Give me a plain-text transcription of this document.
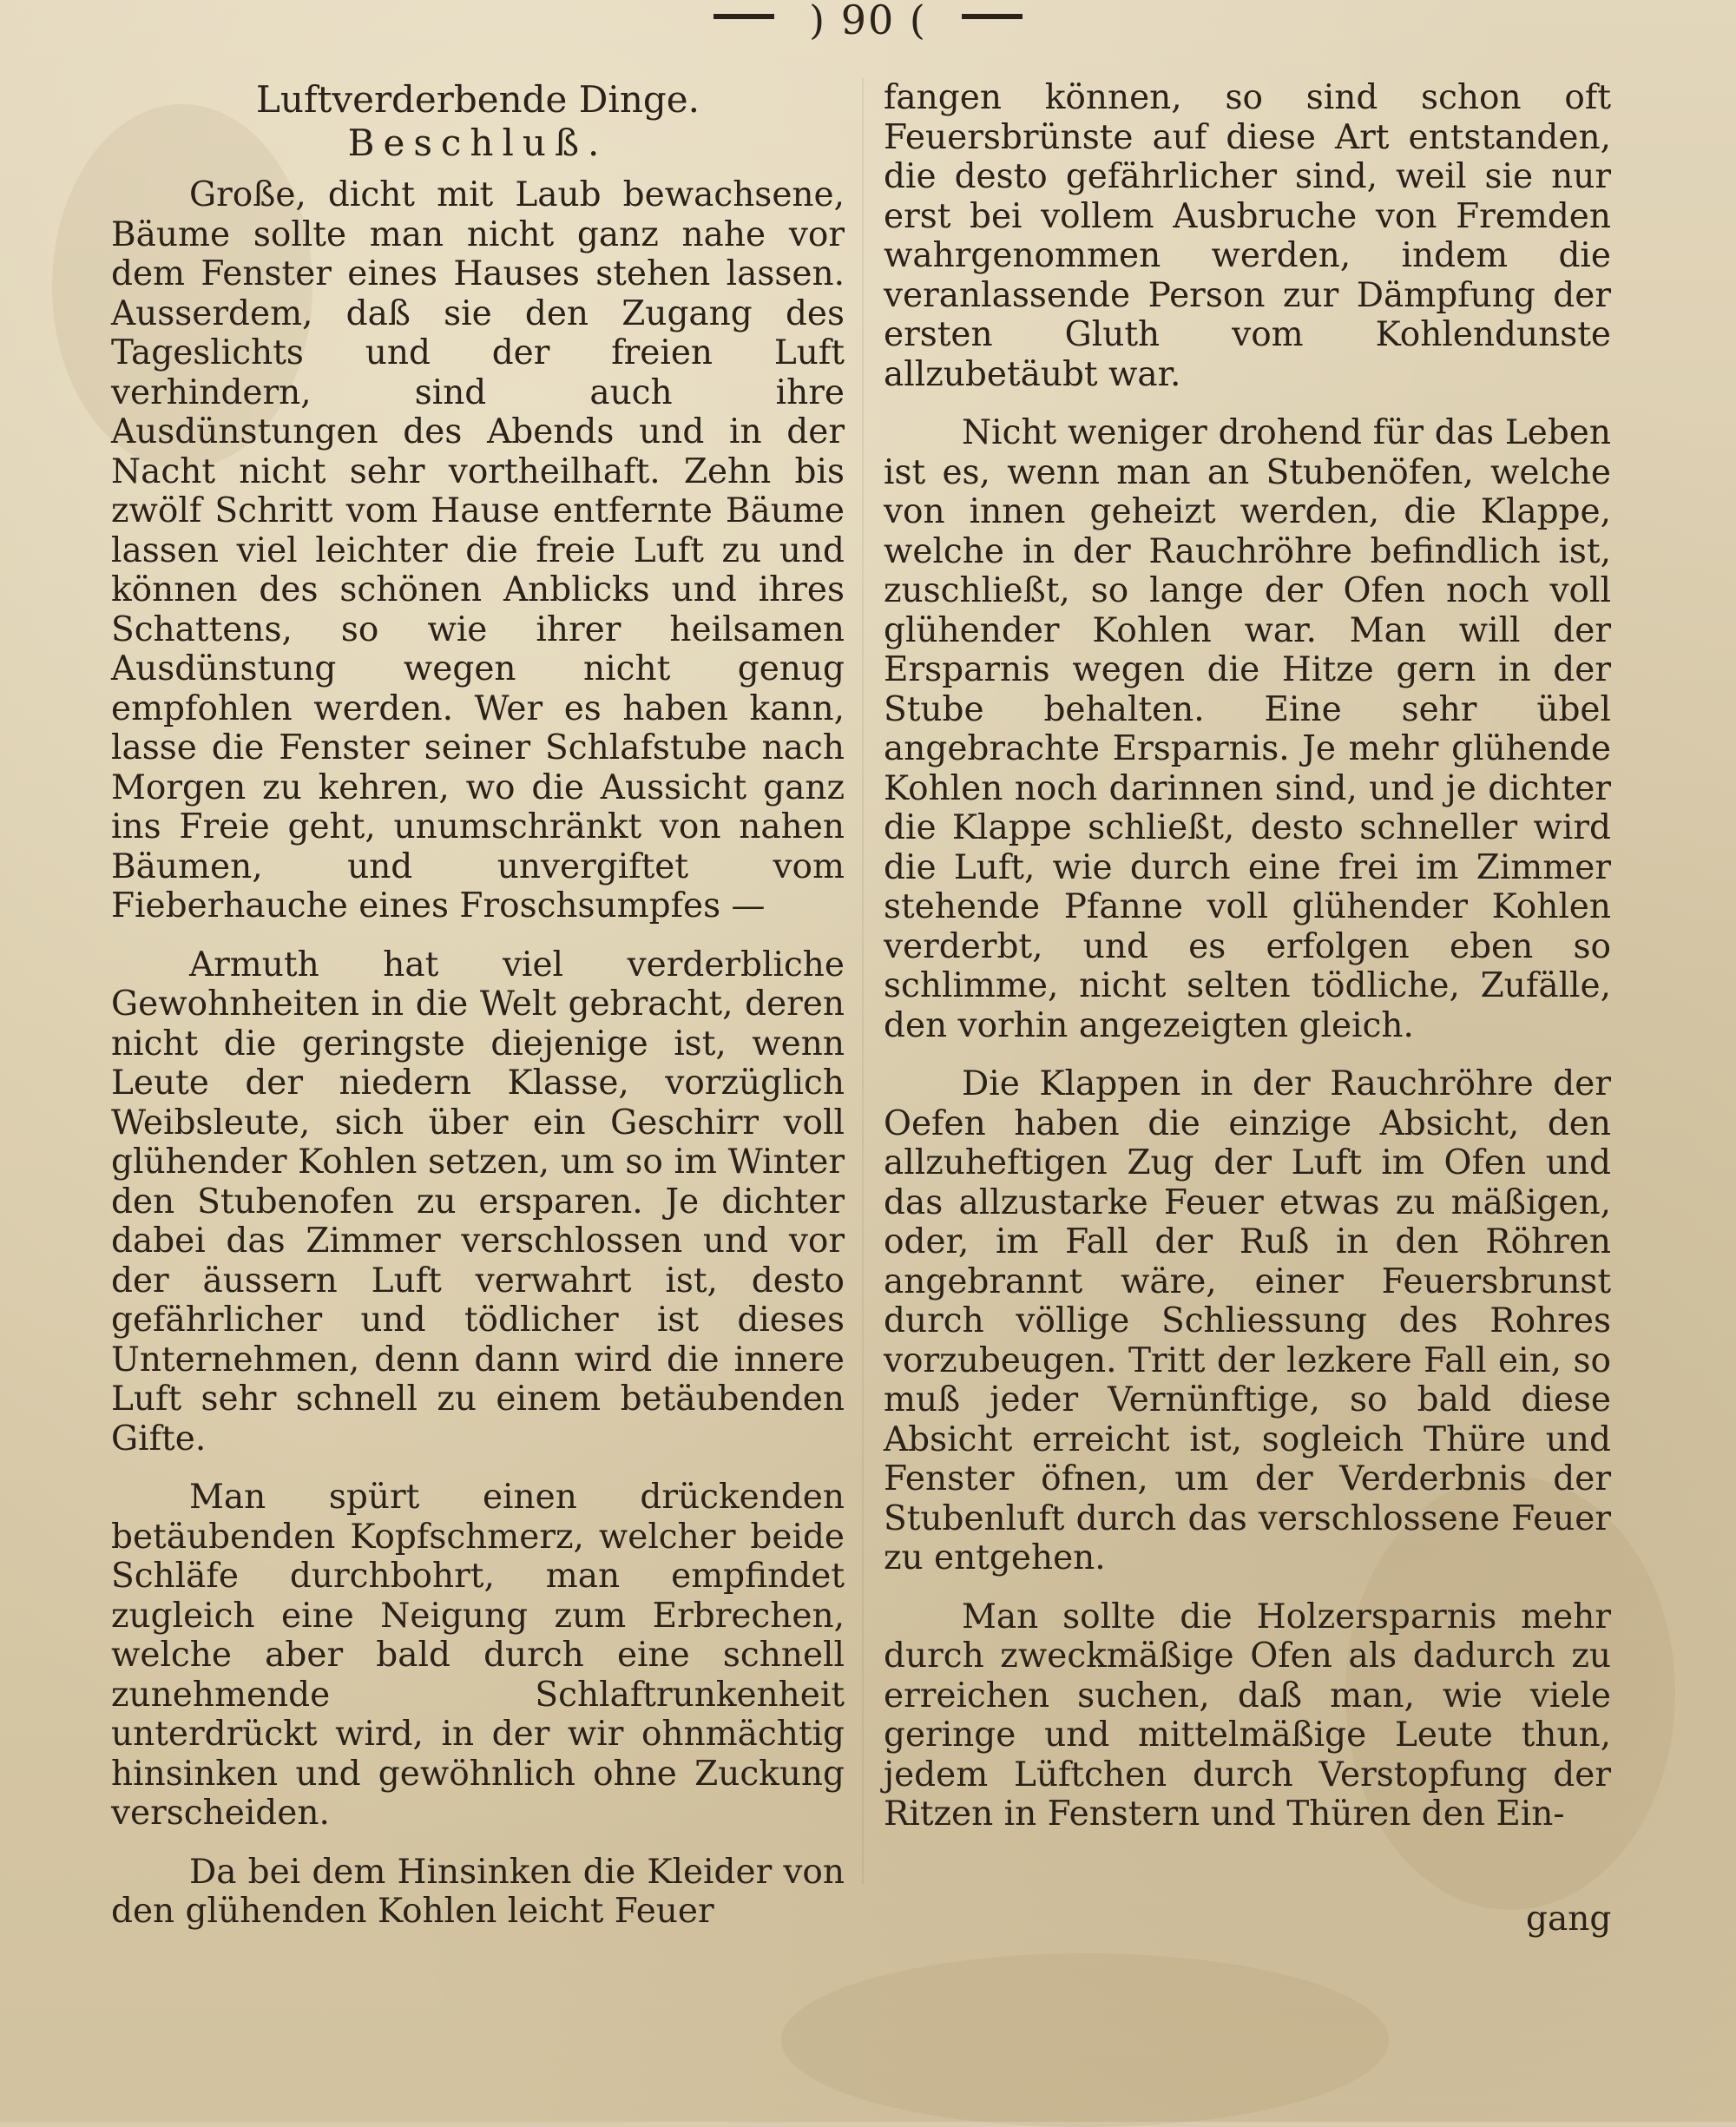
) 90 (
Luftverderbende Dinge.
Beschluß.

Große, dicht mit Laub bewachsene, Bäume sollte man nicht ganz nahe vor dem Fenster eines Hauses stehen lassen. Ausserdem, daß sie den Zugang des Tageslichts und der freien Luft verhindern, sind auch ihre Ausdünstungen des Abends und in der Nacht nicht sehr vortheilhaft. Zehn bis zwölf Schritt vom Hause entfernte Bäume lassen viel leichter die freie Luft zu und können des schönen Anblicks und ihres Schattens, so wie ihrer heilsamen Ausdünstung wegen nicht genug empfohlen werden. Wer es haben kann, lasse die Fenster seiner Schlafstube nach Morgen zu kehren, wo die Aussicht ganz ins Freie geht, unumschränkt von nahen Bäumen, und unvergiftet vom Fieberhauche eines Froschsumpfes —

Armuth hat viel verderbliche Gewohnheiten in die Welt gebracht, deren nicht die geringste diejenige ist, wenn Leute der niedern Klasse, vorzüglich Weibsleute, sich über ein Geschirr voll glühender Kohlen setzen, um so im Winter den Stubenofen zu ersparen. Je dichter dabei das Zimmer verschlossen und vor der äussern Luft verwahrt ist, desto gefährlicher und tödlicher ist dieses Unternehmen, denn dann wird die innere Luft sehr schnell zu einem betäubenden Gifte.

Man spürt einen drückenden betäubenden Kopfschmerz, welcher beide Schläfe durchbohrt, man empfindet zugleich eine Neigung zum Erbrechen, welche aber bald durch eine schnell zunehmende Schlaftrunkenheit unterdrückt wird, in der wir ohnmächtig hinsinken und gewöhnlich ohne Zuckung verscheiden.

Da bei dem Hinsinken die Kleider von den glühenden Kohlen leicht Feuer

fangen können, so sind schon oft Feuersbrünste auf diese Art entstanden, die desto gefährlicher sind, weil sie nur erst bei vollem Ausbruche von Fremden wahrgenommen werden, indem die veranlassende Person zur Dämpfung der ersten Gluth vom Kohlendunste allzubetäubt war.

Nicht weniger drohend für das Leben ist es, wenn man an Stubenöfen, welche von innen geheizt werden, die Klappe, welche in der Rauchröhre befindlich ist, zuschließt, so lange der Ofen noch voll glühender Kohlen war. Man will der Ersparnis wegen die Hitze gern in der Stube behalten. Eine sehr übel angebrachte Ersparnis. Je mehr glühende Kohlen noch darinnen sind, und je dichter die Klappe schließt, desto schneller wird die Luft, wie durch eine frei im Zimmer stehende Pfanne voll glühender Kohlen verderbt, und es erfolgen eben so schlimme, nicht selten tödliche, Zufälle, den vorhin angezeigten gleich.

Die Klappen in der Rauchröhre der Oefen haben die einzige Absicht, den allzuheftigen Zug der Luft im Ofen und das allzustarke Feuer etwas zu mäßigen, oder, im Fall der Ruß in den Röhren angebrannt wäre, einer Feuersbrunst durch völlige Schliessung des Rohres vorzubeugen. Tritt der lezkere Fall ein, so muß jeder Vernünftige, so bald diese Absicht erreicht ist, sogleich Thüre und Fenster öfnen, um der Verderbnis der Stubenluft durch das verschlossene Feuer zu entgehen.

Man sollte die Holzersparnis mehr durch zweckmäßige Ofen als dadurch zu erreichen suchen, daß man, wie viele geringe und mittelmäßige Leute thun, jedem Lüftchen durch Verstopfung der Ritzen in Fenstern und Thüren den Ein-

gang
